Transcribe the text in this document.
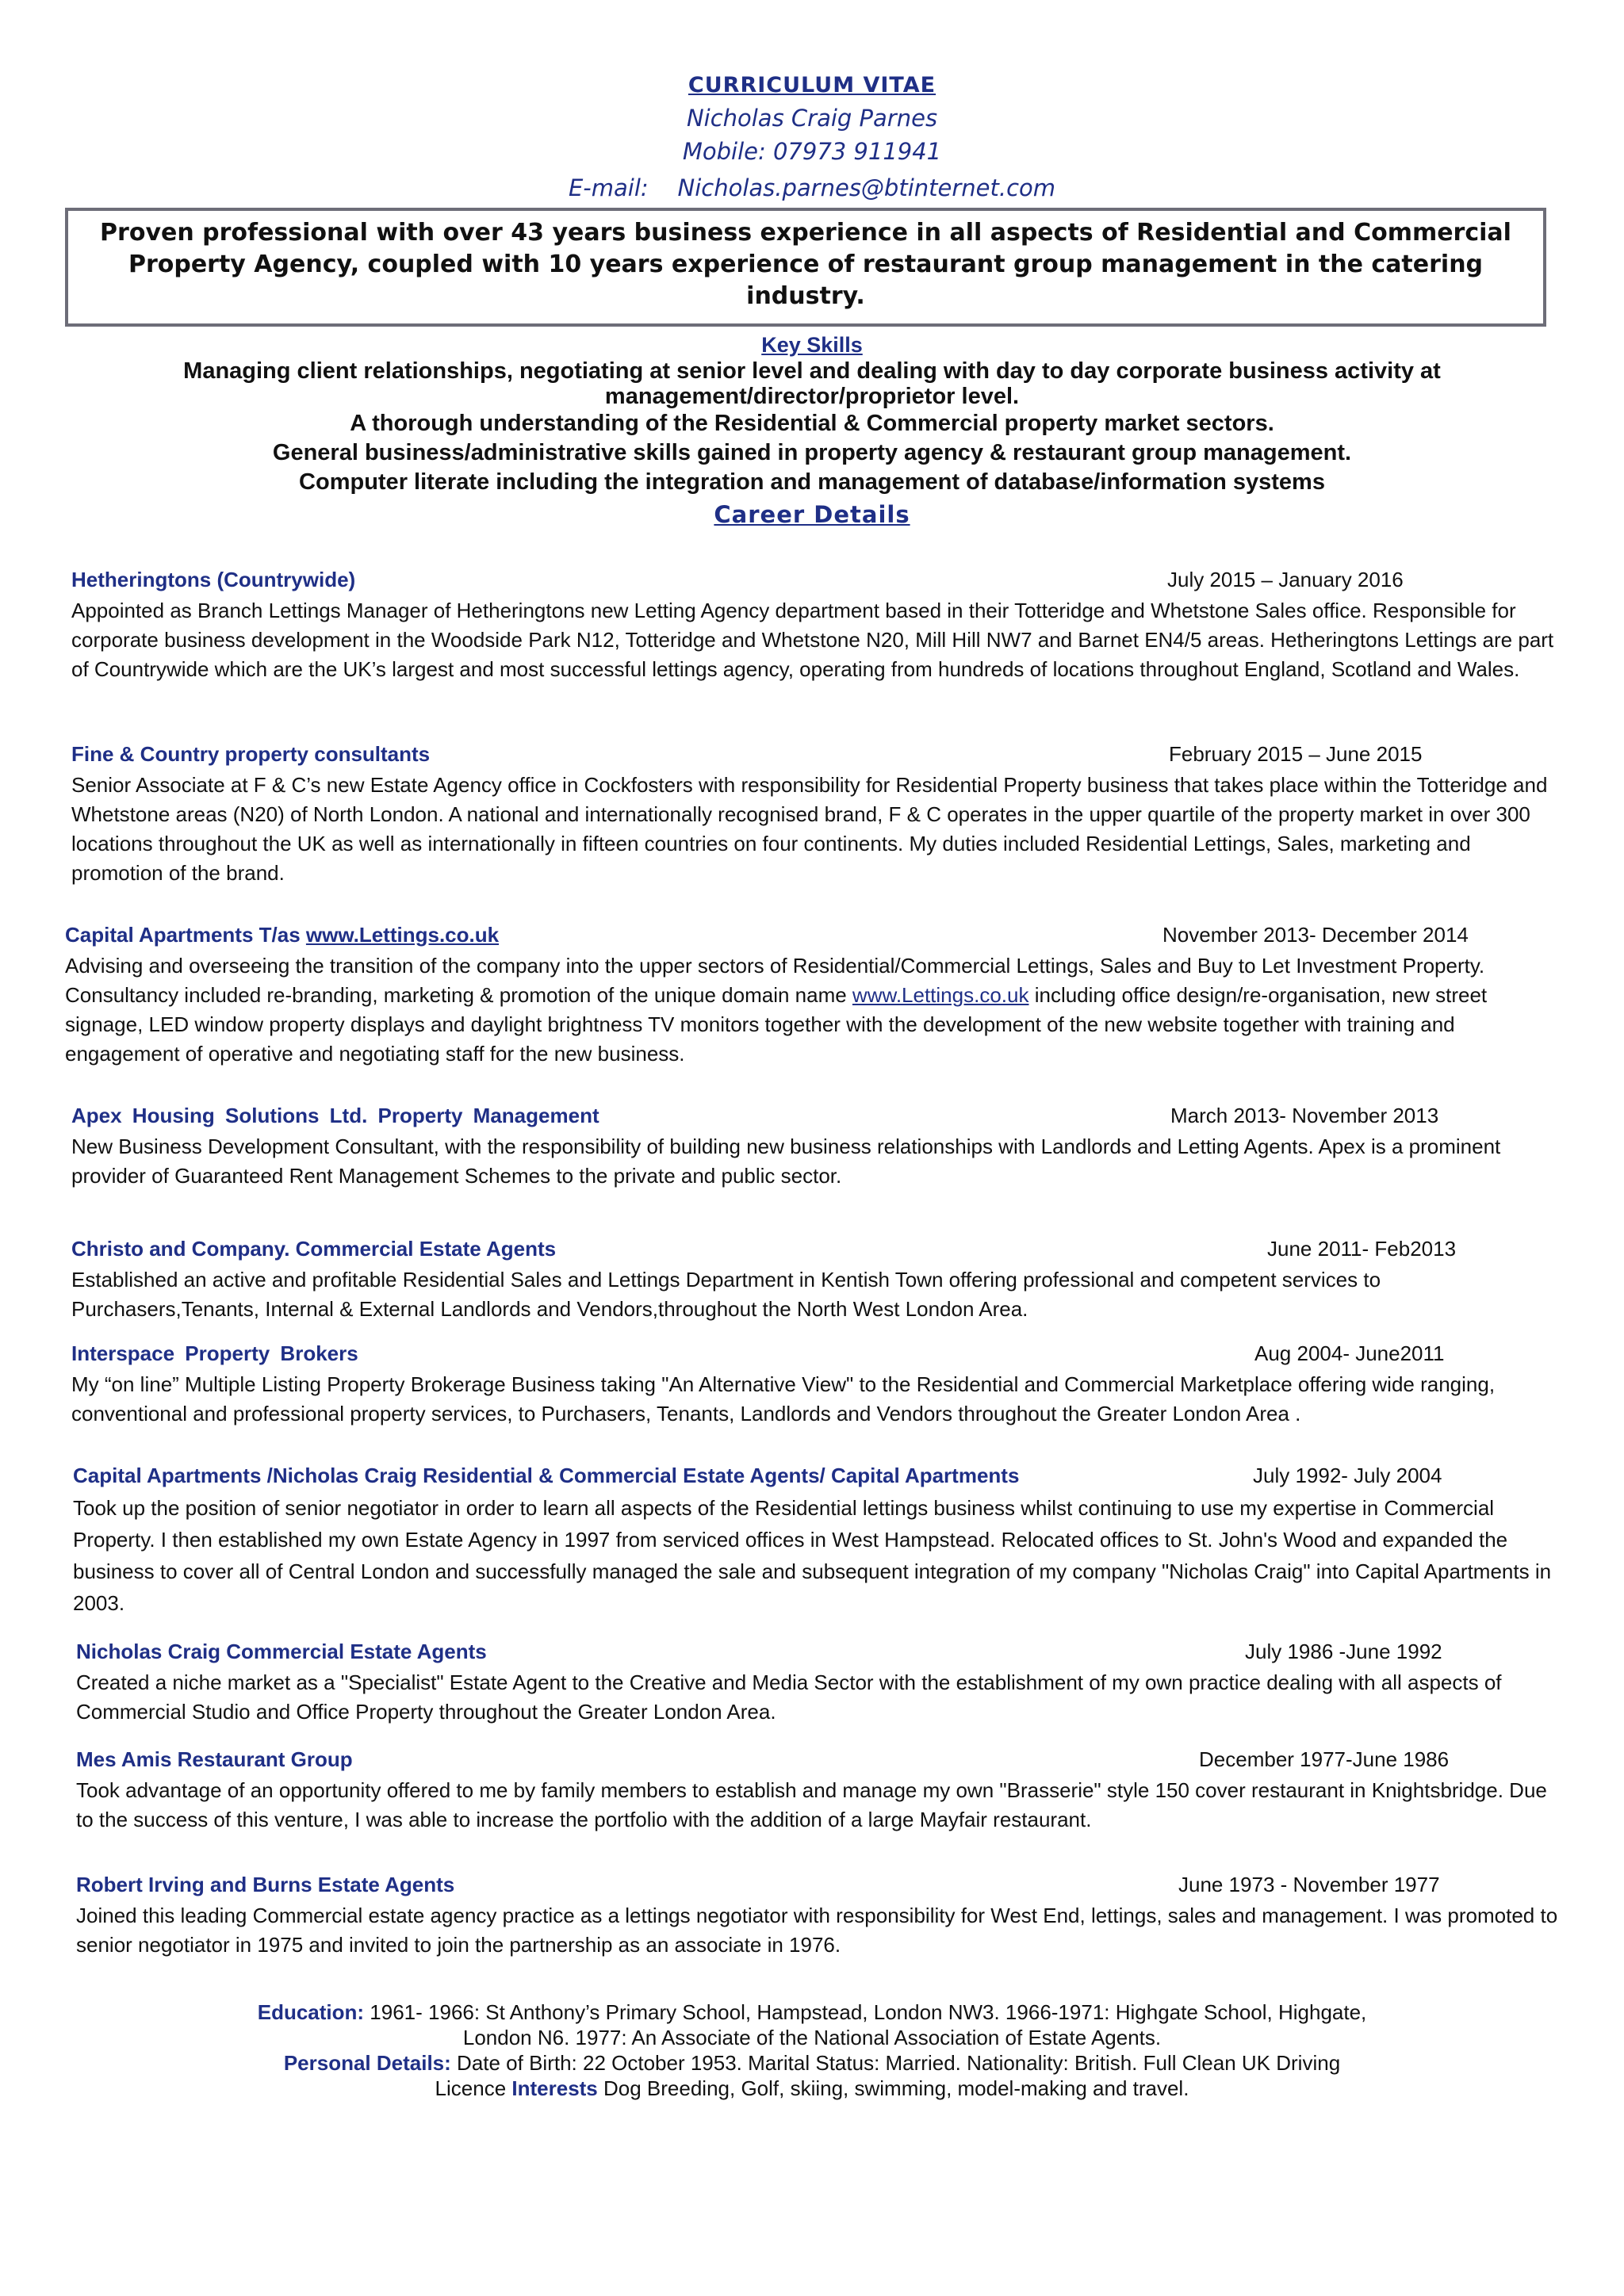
CURRICULUM VITAE
Nicholas Craig Parnes
Mobile: 07973 911941
E-mail: Nicholas.parnes@btinternet.com
Proven professional with over 43 years business experience in all aspects of Residential and Commercial Property Agency, coupled with 10 years experience of restaurant group management in the catering industry.
Key Skills
Managing client relationships, negotiating at senior level and dealing with day to day corporate business activity at
management/director/proprietor level.
A thorough understanding of the Residential & Commercial property market sectors.
General business/administrative skills gained in property agency & restaurant group management.
Computer literate including the integration and management of database/information systems
Career Details
Hetheringtons (Countrywide)	July 2015 – January 2016
Appointed as Branch Lettings Manager of Hetheringtons new Letting Agency department based in their Totteridge and Whetstone Sales office. Responsible for corporate business development in the Woodside Park N12, Totteridge and Whetstone N20, Mill Hill NW7 and Barnet EN4/5 areas. Hetheringtons Lettings are part of Countrywide which are the UK’s largest and most successful lettings agency, operating from hundreds of locations throughout England, Scotland and Wales.
Fine & Country property consultants	February 2015 – June 2015
Senior Associate at F & C’s new Estate Agency office in Cockfosters with responsibility for Residential Property business that takes place within the Totteridge and Whetstone areas (N20) of North London. A national and internationally recognised brand, F & C operates in the upper quartile of the property market in over 300 locations throughout the UK as well as internationally in fifteen countries on four continents. My duties included Residential Lettings, Sales, marketing and promotion of the brand.
Capital Apartments T/as www.Lettings.co.uk	November 2013- December 2014
Advising and overseeing the transition of the company into the upper sectors of Residential/Commercial Lettings, Sales and Buy to Let Investment Property. Consultancy included re-branding, marketing & promotion of the unique domain name www.Lettings.co.uk including office design/re-organisation, new street signage, LED window property displays and daylight brightness TV monitors together with the development of the new website together with training and engagement of operative and negotiating staff for the new business.
Apex Housing Solutions Ltd. Property Management	March 2013- November 2013
New Business Development Consultant, with the responsibility of building new business relationships with Landlords and Letting Agents. Apex is a prominent provider of Guaranteed Rent Management Schemes to the private and public sector.
Christo and Company. Commercial Estate Agents	June 2011- Feb2013
Established an active and profitable Residential Sales and Lettings Department in Kentish Town offering professional and competent services to Purchasers,Tenants, Internal & External Landlords and Vendors,throughout the North West London Area.
Interspace Property Brokers	Aug 2004- June2011
My “on line” Multiple Listing Property Brokerage Business taking "An Alternative View" to the Residential and Commercial Marketplace offering wide ranging, conventional and professional property services, to Purchasers, Tenants, Landlords and Vendors throughout the Greater London Area .
Capital Apartments /Nicholas Craig Residential & Commercial Estate Agents/ Capital Apartments	July 1992- July 2004
Took up the position of senior negotiator in order to learn all aspects of the Residential lettings business whilst continuing to use my expertise in Commercial Property. I then established my own Estate Agency in 1997 from serviced offices in West Hampstead. Relocated offices to St. John's Wood and expanded the business to cover all of Central London and successfully managed the sale and subsequent integration of my company "Nicholas Craig" into Capital Apartments in 2003.
Nicholas Craig Commercial Estate Agents	July 1986 -June 1992
Created a niche market as a "Specialist" Estate Agent to the Creative and Media Sector with the establishment of my own practice dealing with all aspects of Commercial Studio and Office Property throughout the Greater London Area.
Mes Amis Restaurant Group	December 1977-June 1986
Took advantage of an opportunity offered to me by family members to establish and manage my own "Brasserie" style 150 cover restaurant in Knightsbridge. Due to the success of this venture, I was able to increase the portfolio with the addition of a large Mayfair restaurant.
Robert Irving and Burns Estate Agents	June 1973 - November 1977
Joined this leading Commercial estate agency practice as a lettings negotiator with responsibility for West End, lettings, sales and management. I was promoted to senior negotiator in 1975 and invited to join the partnership as an associate in 1976.
Education: 1961- 1966: St Anthony’s Primary School, Hampstead, London NW3. 1966-1971: Highgate School, Highgate,
London N6. 1977: An Associate of the National Association of Estate Agents.
Personal Details: Date of Birth: 22 October 1953. Marital Status: Married. Nationality: British. Full Clean UK Driving
Licence Interests Dog Breeding, Golf, skiing, swimming, model-making and travel.
